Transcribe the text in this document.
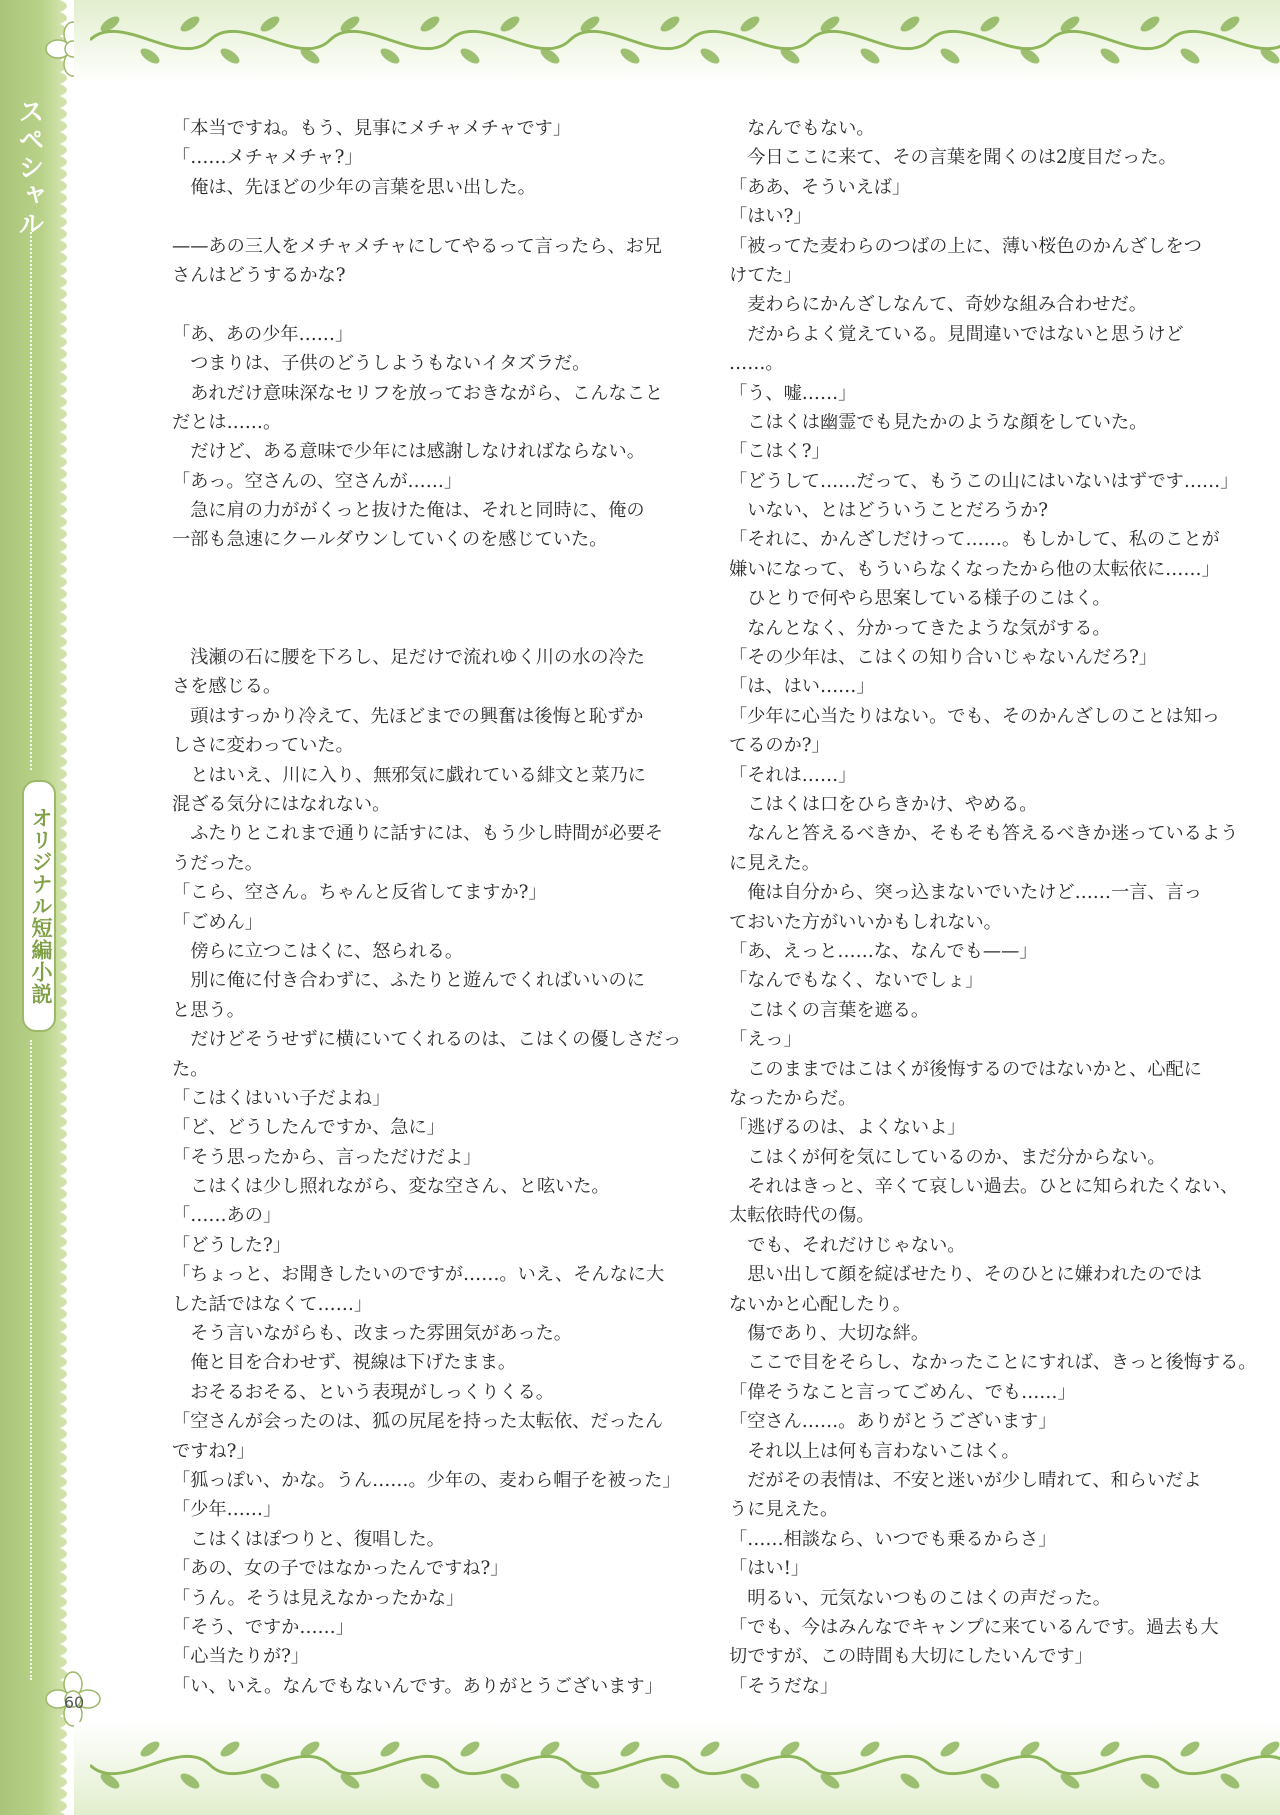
スペシャル
オリジナル短編小説
60
「本当ですね。もう、見事にメチャメチャです」
「……メチャメチャ?」
俺は、先ほどの少年の言葉を思い出した。
——あの三人をメチャメチャにしてやるって言ったら、お兄
さんはどうするかな?
「あ、あの少年……」
つまりは、子供のどうしようもないイタズラだ。
あれだけ意味深なセリフを放っておきながら、こんなこと
だとは……。
だけど、ある意味で少年には感謝しなければならない。
「あっ。空さんの、空さんが……」
急に肩の力ががくっと抜けた俺は、それと同時に、俺の
一部も急速にクールダウンしていくのを感じていた。
浅瀬の石に腰を下ろし、足だけで流れゆく川の水の冷た
さを感じる。
頭はすっかり冷えて、先ほどまでの興奮は後悔と恥ずか
しさに変わっていた。
とはいえ、川に入り、無邪気に戯れている緋文と菜乃に
混ざる気分にはなれない。
ふたりとこれまで通りに話すには、もう少し時間が必要そ
うだった。
「こら、空さん。ちゃんと反省してますか?」
「ごめん」
傍らに立つこはくに、怒られる。
別に俺に付き合わずに、ふたりと遊んでくればいいのに
と思う。
だけどそうせずに横にいてくれるのは、こはくの優しさだっ
た。
「こはくはいい子だよね」
「ど、どうしたんですか、急に」
「そう思ったから、言っただけだよ」
こはくは少し照れながら、変な空さん、と呟いた。
「……あの」
「どうした?」
「ちょっと、お聞きしたいのですが……。いえ、そんなに大
した話ではなくて……」
そう言いながらも、改まった雰囲気があった。
俺と目を合わせず、視線は下げたまま。
おそるおそる、という表現がしっくりくる。
「空さんが会ったのは、狐の尻尾を持った太転依、だったん
ですね?」
「狐っぽい、かな。うん……。少年の、麦わら帽子を被った」
「少年……」
こはくはぽつりと、復唱した。
「あの、女の子ではなかったんですね?」
「うん。そうは見えなかったかな」
「そう、ですか……」
「心当たりが?」
「い、いえ。なんでもないんです。ありがとうございます」
なんでもない。
今日ここに来て、その言葉を聞くのは2度目だった。
「ああ、そういえば」
「はい?」
「被ってた麦わらのつばの上に、薄い桜色のかんざしをつ
けてた」
麦わらにかんざしなんて、奇妙な組み合わせだ。
だからよく覚えている。見間違いではないと思うけど
……。
「う、嘘……」
こはくは幽霊でも見たかのような顔をしていた。
「こはく?」
「どうして……だって、もうこの山にはいないはずです……」
いない、とはどういうことだろうか?
「それに、かんざしだけって……。もしかして、私のことが
嫌いになって、もういらなくなったから他の太転依に……」
ひとりで何やら思案している様子のこはく。
なんとなく、分かってきたような気がする。
「その少年は、こはくの知り合いじゃないんだろ?」
「は、はい……」
「少年に心当たりはない。でも、そのかんざしのことは知っ
てるのか?」
「それは……」
こはくは口をひらきかけ、やめる。
なんと答えるべきか、そもそも答えるべきか迷っているよう
に見えた。
俺は自分から、突っ込まないでいたけど……一言、言っ
ておいた方がいいかもしれない。
「あ、えっと……な、なんでも——」
「なんでもなく、ないでしょ」
こはくの言葉を遮る。
「えっ」
このままではこはくが後悔するのではないかと、心配に
なったからだ。
「逃げるのは、よくないよ」
こはくが何を気にしているのか、まだ分からない。
それはきっと、辛くて哀しい過去。ひとに知られたくない、
太転依時代の傷。
でも、それだけじゃない。
思い出して顔を綻ばせたり、そのひとに嫌われたのでは
ないかと心配したり。
傷であり、大切な絆。
ここで目をそらし、なかったことにすれば、きっと後悔する。
「偉そうなこと言ってごめん、でも……」
「空さん……。ありがとうございます」
それ以上は何も言わないこはく。
だがその表情は、不安と迷いが少し晴れて、和らいだよ
うに見えた。
「……相談なら、いつでも乗るからさ」
「はい!」
明るい、元気ないつものこはくの声だった。
「でも、今はみんなでキャンプに来ているんです。過去も大
切ですが、この時間も大切にしたいんです」
「そうだな」
